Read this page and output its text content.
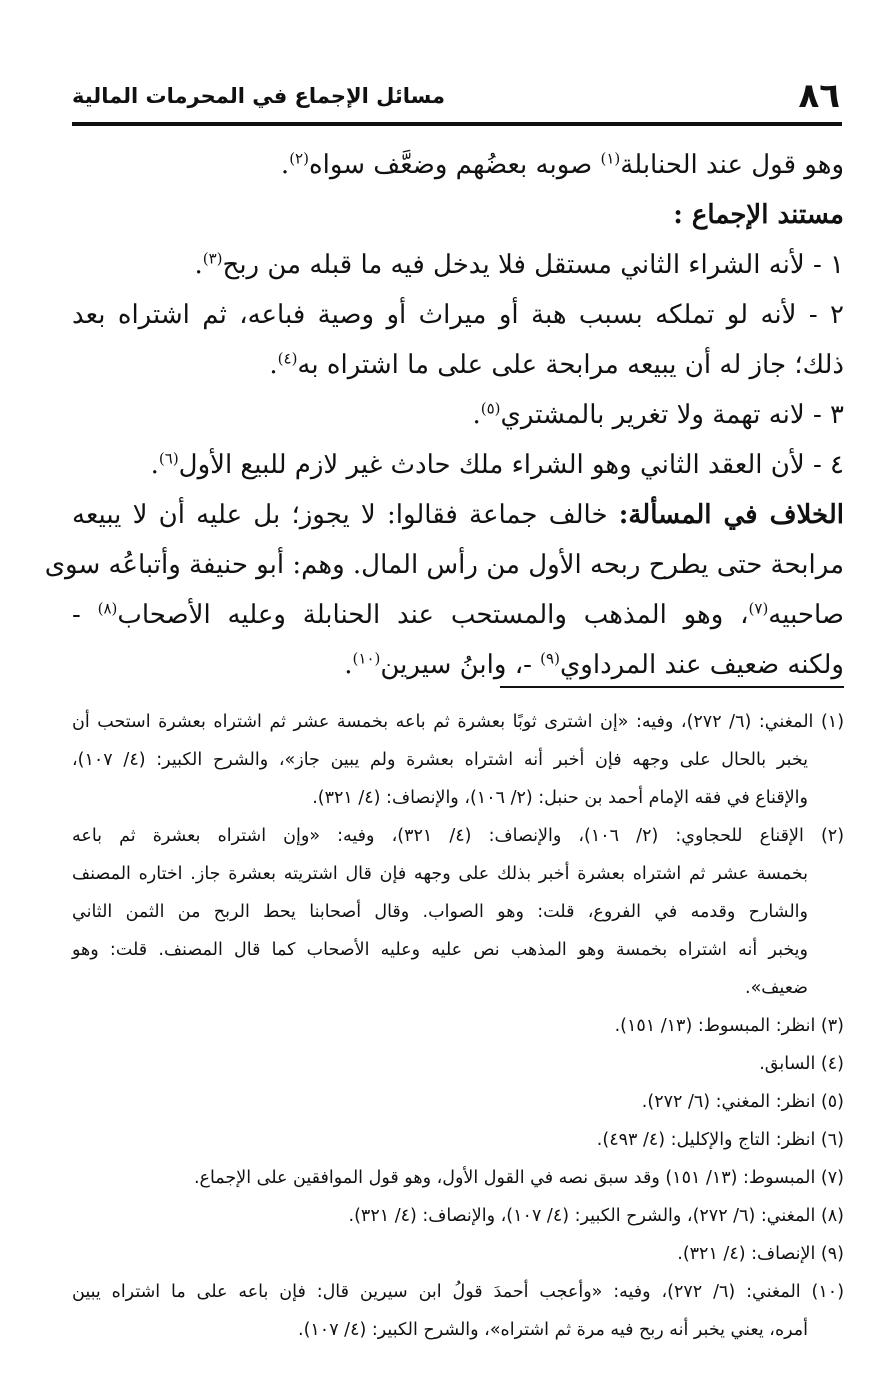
٨٦
مسائل الإجماع في المحرمات المالية
وهو قول عند الحنابلة$^{(١)}$ صوبه بعضُهم وضعَّف سواه$^{(٢)}$.
مستند الإجماع :
١ - لأنه الشراء الثاني مستقل فلا يدخل فيه ما قبله من ربح$^{(٣)}$.
٢ - لأنه لو تملكه بسبب هبة أو ميراث أو وصية فباعه، ثم اشتراه بعد
ذلك؛ جاز له أن يبيعه مرابحة على على ما اشتراه به$^{(٤)}$.
٣ - لانه تهمة ولا تغرير بالمشتري$^{(٥)}$.
٤ - لأن العقد الثاني وهو الشراء ملك حادث غير لازم للبيع الأول$^{(٦)}$.
الخلاف في المسألة: خالف جماعة فقالوا: لا يجوز؛ بل عليه أن لا يبيعه
مرابحة حتى يطرح ربحه الأول من رأس المال. وهم: أبو حنيفة وأتباعُه سوى
صاحبيه$^{(٧)}$، وهو المذهب والمستحب عند الحنابلة وعليه الأصحاب$^{(٨)}$ -
ولكنه ضعيف عند المرداوي$^{(٩)}$ -، وابنُ سيرين$^{(١٠)}$.
(١) المغني: (٦/ ٢٧٢)، وفيه: «إن اشترى ثوبًا بعشرة ثم باعه بخمسة عشر ثم اشتراه بعشرة استحب أن
يخبر بالحال على وجهه فإن أخبر أنه اشتراه بعشرة ولم يبين جاز»، والشرح الكبير: (٤/ ١٠٧)،
والإقناع في فقه الإمام أحمد بن حنبل: (٢/ ١٠٦)، والإنصاف: (٤/ ٣٢١).
(٢) الإقناع للحجاوي: (٢/ ١٠٦)، والإنصاف: (٤/ ٣٢١)، وفيه: «وإن اشتراه بعشرة ثم باعه
بخمسة عشر ثم اشتراه بعشرة أخبر بذلك على وجهه فإن قال اشتريته بعشرة جاز. اختاره المصنف
والشارح وقدمه في الفروع، قلت: وهو الصواب. وقال أصحابنا يحط الربح من الثمن الثاني
ويخبر أنه اشتراه بخمسة وهو المذهب نص عليه وعليه الأصحاب كما قال المصنف. قلت: وهو
ضعيف».
(٣) انظر: المبسوط: (١٣/ ١٥١).
(٤) السابق.
(٥) انظر: المغني: (٦/ ٢٧٢).
(٦) انظر: التاج والإكليل: (٤/ ٤٩٣).
(٧) المبسوط: (١٣/ ١٥١) وقد سبق نصه في القول الأول، وهو قول الموافقين على الإجماع.
(٨) المغني: (٦/ ٢٧٢)، والشرح الكبير: (٤/ ١٠٧)، والإنصاف: (٤/ ٣٢١).
(٩) الإنصاف: (٤/ ٣٢١).
(١٠) المغني: (٦/ ٢٧٢)، وفيه: «وأعجب أحمدَ قولُ ابن سيرين قال: فإن باعه على ما اشتراه يبين
أمره، يعني يخبر أنه ربح فيه مرة ثم اشتراه»، والشرح الكبير: (٤/ ١٠٧).
